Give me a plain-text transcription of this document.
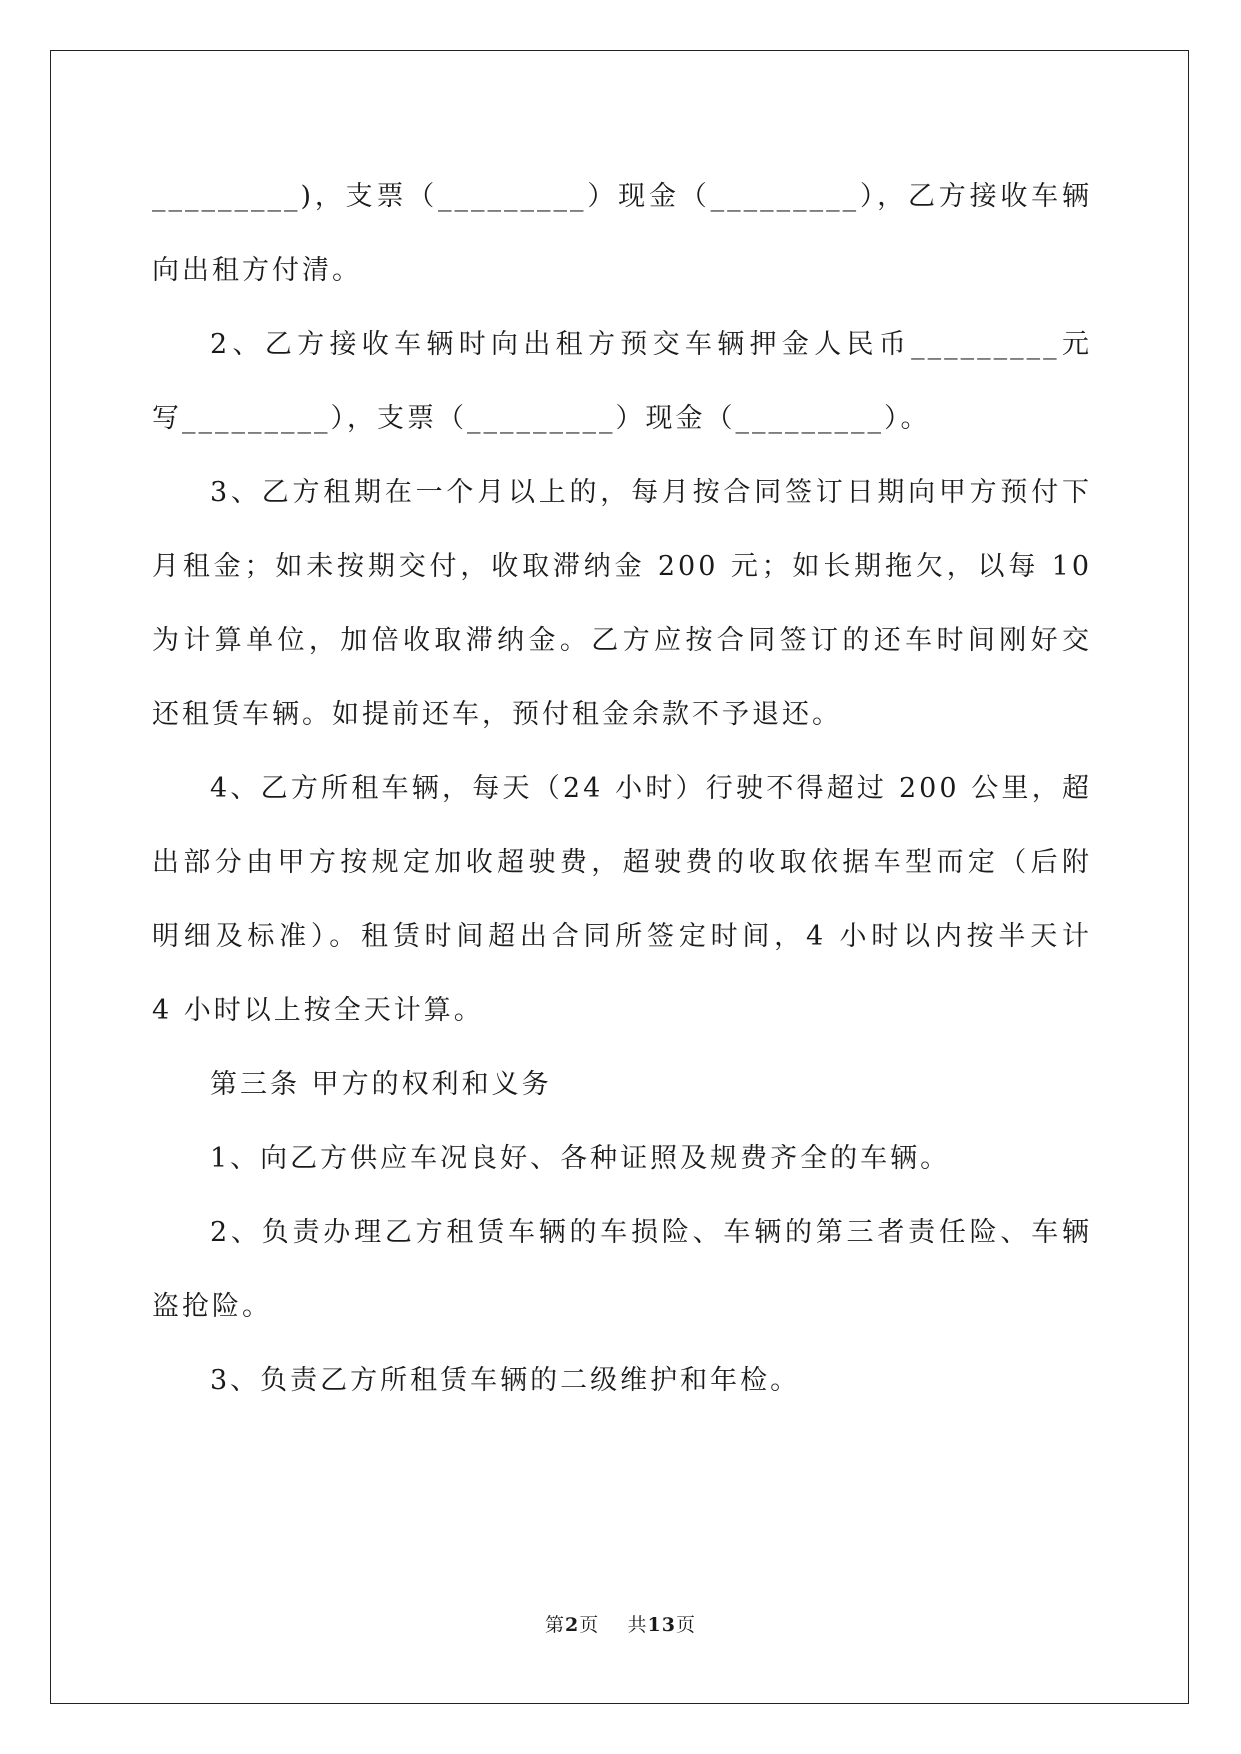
_________)，支票（_________）现金（_________），乙方接收车辆
向出租方付清。
2、乙方接收车辆时向出租方预交车辆押金人民币_________元
写_________），支票（_________）现金（_________）。
3、乙方租期在一个月以上的，每月按合同签订日期向甲方预付下
月租金；如未按期交付，收取滞纳金 200 元；如长期拖欠，以每 10
为计算单位，加倍收取滞纳金。乙方应按合同签订的还车时间刚好交
还租赁车辆。如提前还车，预付租金余款不予退还。
4、乙方所租车辆，每天（24 小时）行驶不得超过 200 公里，超
出部分由甲方按规定加收超驶费，超驶费的收取依据车型而定（后附
明细及标准）。租赁时间超出合同所签定时间，4 小时以内按半天计
4 小时以上按全天计算。
第三条 甲方的权利和义务
1、向乙方供应车况良好、各种证照及规费齐全的车辆。
2、负责办理乙方租赁车辆的车损险、车辆的第三者责任险、车辆
盗抢险。
3、负责乙方所租赁车辆的二级维护和年检。
第2页 共13页
